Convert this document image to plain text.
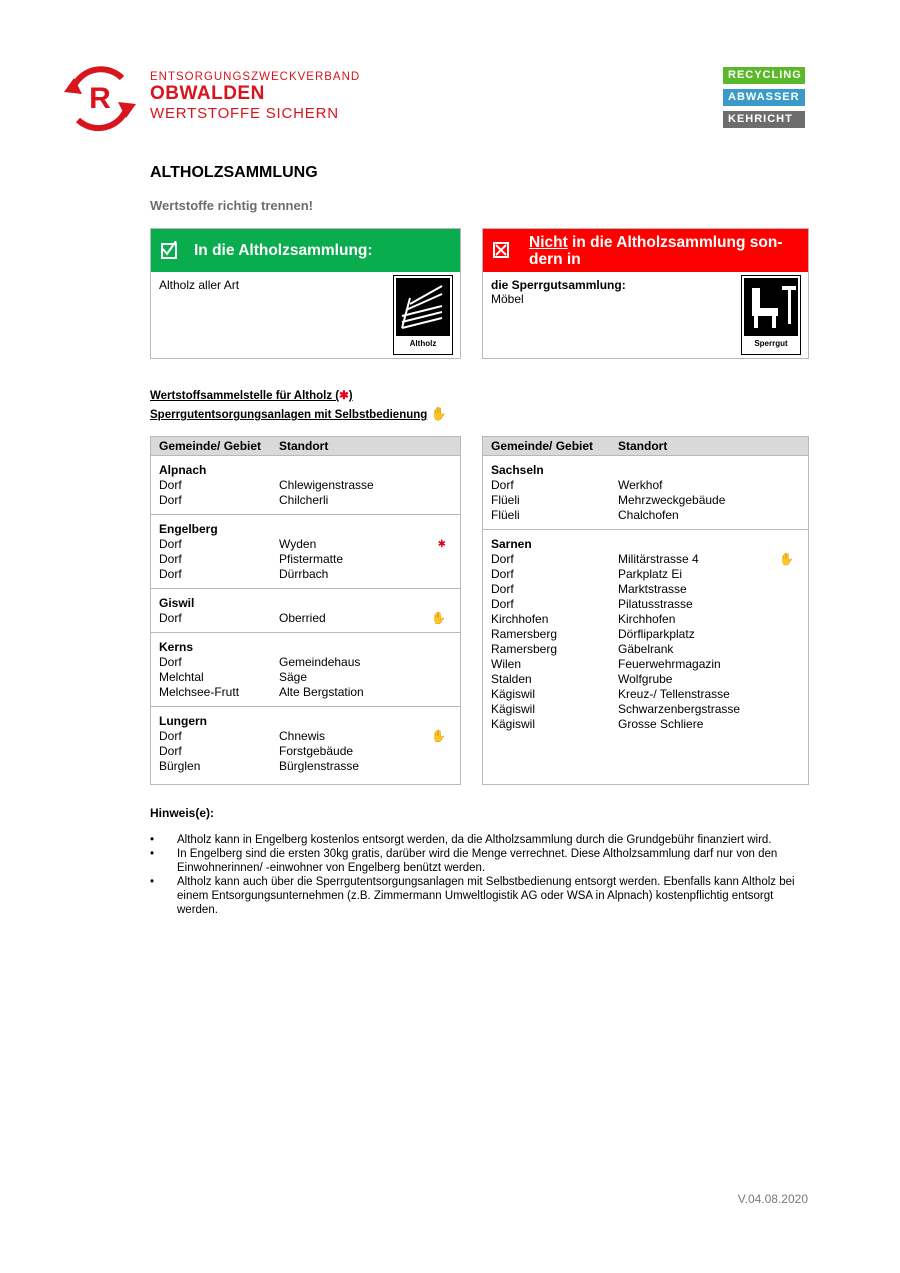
R
ENTSORGUNGSZWECKVERBAND
OBWALDEN
WERTSTOFFE SICHERN
RECYCLING
ABWASSER
KEHRICHT
ALTHOLZSAMMLUNG
Wertstoffe richtig trennen!
In die Altholzsammlung:
Altholz aller Art
Altholz
Nicht in die Altholzsammlung son-
dern in
die Sperrgutsammlung:
Möbel
Sperrgut
Wertstoffsammelstelle für Altholz (✱)
Sperrgutentsorgungsanlagen mit Selbstbedienung ✋
Gemeinde/ Gebiet	Standort
Alpnach
Dorf	Chlewigenstrasse
Dorf	Chilcherli
Engelberg
Dorf	Wyden	✱
Dorf	Pfistermatte
Dorf	Dürrbach
Giswil
Dorf	Oberried	✋
Kerns
Dorf	Gemeindehaus
Melchtal	Säge
Melchsee-Frutt	Alte Bergstation
Lungern
Dorf	Chnewis	✋
Dorf	Forstgebäude
Bürglen	Bürglenstrasse
Gemeinde/ Gebiet	Standort
Sachseln
Dorf	Werkhof
Flüeli	Mehrzweckgebäude
Flüeli	Chalchofen
Sarnen
Dorf	Militärstrasse 4	✋
Dorf	Parkplatz Ei
Dorf	Marktstrasse
Dorf	Pilatusstrasse
Kirchhofen	Kirchhofen
Ramersberg	Dörfliparkplatz
Ramersberg	Gäbelrank
Wilen	Feuerwehrmagazin
Stalden	Wolfgrube
Kägiswil	Kreuz-/ Tellenstrasse
Kägiswil	Schwarzenbergstrasse
Kägiswil	Grosse Schliere
Hinweis(e):
• Altholz kann in Engelberg kostenlos entsorgt werden, da die Altholzsammlung durch die Grundgebühr finanziert wird.
• In Engelberg sind die ersten 30kg gratis, darüber wird die Menge verrechnet. Diese Altholzsammlung darf nur von den Einwohnerinnen/ -einwohner von Engelberg benützt werden.
• Altholz kann auch über die Sperrgutentsorgungsanlagen mit Selbstbedienung entsorgt werden. Ebenfalls kann Altholz bei einem Entsorgungsunternehmen (z.B. Zimmermann Umweltlogistik AG oder WSA in Alpnach) kostenpflichtig entsorgt werden.
V.04.08.2020
